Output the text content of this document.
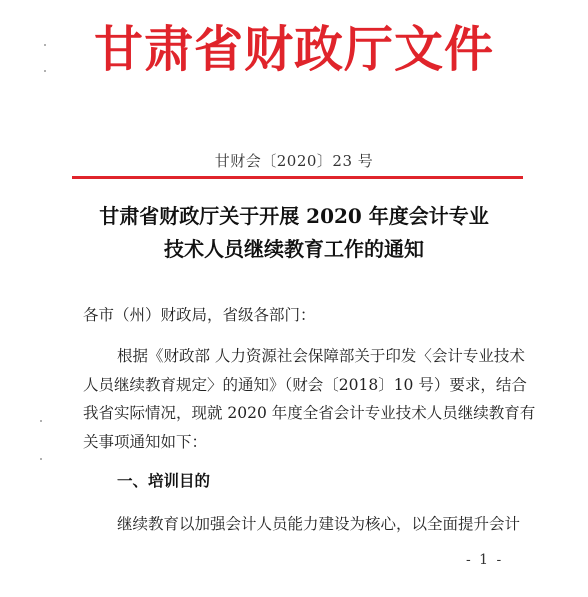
甘肃省财政厅文件
甘财会〔2020〕23 号
甘肃省财政厅关于开展 2020 年度会计专业
技术人员继续教育工作的通知
各市（州）财政局，省级各部门：
根据《财政部 人力资源社会保障部关于印发〈会计专业技术
人员继续教育规定〉的通知》（财会〔2018〕10 号）要求，结合
我省实际情况，现就 2020 年度全省会计专业技术人员继续教育有
关事项通知如下：
一、培训目的
继续教育以加强会计人员能力建设为核心，以全面提升会计
- 1 -
